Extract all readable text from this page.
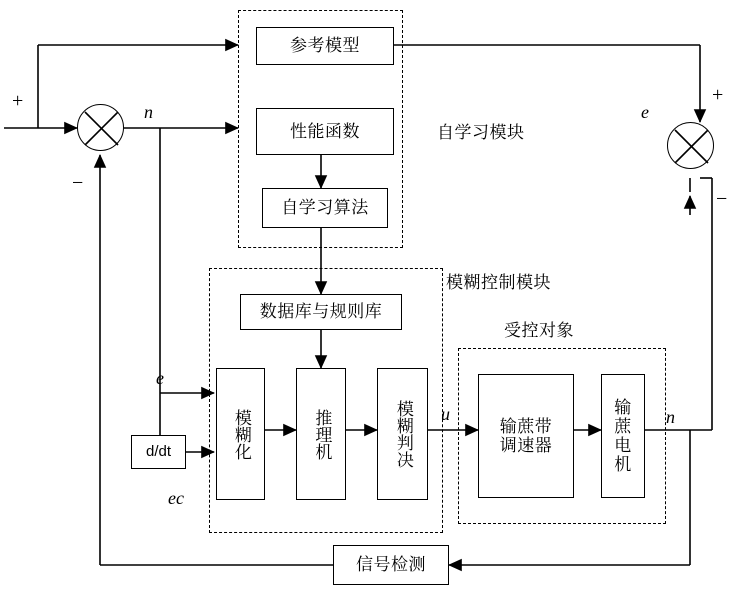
自学习模块
模糊控制模块
受控对象
参考模型
性能函数
自学习算法
数据库与规则库
模糊化	推理机	模糊判决	输蔗带调速器
输蔗电机
信号检测
d/dt
+
−
+
−
n
e
ec
u	n
e
